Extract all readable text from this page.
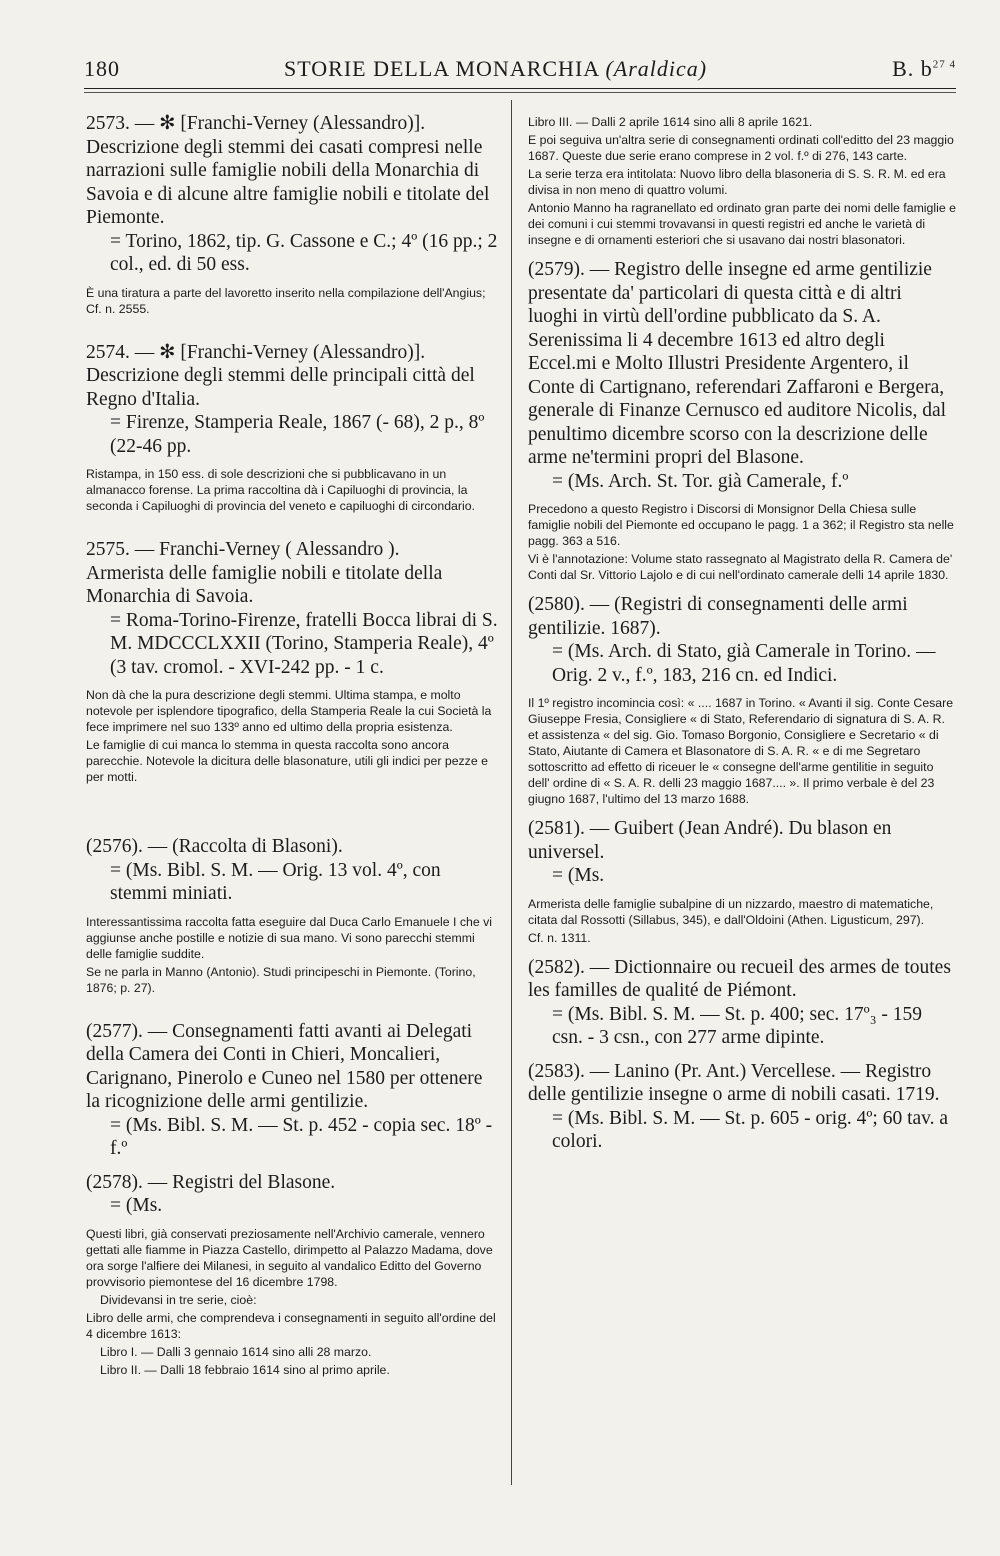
180	STORIE DELLA MONARCHIA (Araldica)	B. $b^{27 4}$

2573. — ✻ [Franchi-Verney (Alessandro)].

Descrizione degli stemmi dei casati compresi nelle narrazioni sulle famiglie nobili della Monarchia di Savoia e di alcune altre famiglie nobili e titolate del Piemonte.

= Torino, 1862, tip. G. Cassone e C.; 4º (16 pp.; 2 col., ed. di 50 ess.

È una tiratura a parte del lavoretto inserito nella compilazione dell'Angius; Cf. n. 2555.

2574. — ✻ [Franchi-Verney (Alessandro)].

Descrizione degli stemmi delle principali città del Regno d'Italia.

= Firenze, Stamperia Reale, 1867 (- 68), 2 p., 8º (22-46 pp.

Ristampa, in 150 ess. di sole descrizioni che si pubblicavano in un almanacco forense. La prima raccoltina dà i Capiluoghi di provincia, la seconda i Capiluoghi di provincia del veneto e capiluoghi di circondario.

2575. — Franchi-Verney ( Alessandro ).

Armerista delle famiglie nobili e titolate della Monarchia di Savoia.

= Roma-Torino-Firenze, fratelli Bocca librai di S. M. MDCCCLXXII (Torino, Stamperia Reale), 4º (3 tav. cromol. - XVI-242 pp. - 1 c.

Non dà che la pura descrizione degli stemmi. Ultima stampa, e molto notevole per isplendore tipografico, della Stamperia Reale la cui Società la fece imprimere nel suo 133º anno ed ultimo della propria esistenza.

Le famiglie di cui manca lo stemma in questa raccolta sono ancora parecchie. Notevole la dicitura delle blasonature, utili gli indici per pezze e per motti.

(2576). — (Raccolta di Blasoni).

= (Ms. Bibl. S. M. — Orig. 13 vol. 4º, con stemmi miniati.

Interessantissima raccolta fatta eseguire dal Duca Carlo Emanuele I che vi aggiunse anche postille e notizie di sua mano. Vi sono parecchi stemmi delle famiglie suddite.

Se ne parla in Manno (Antonio). Studi principeschi in Piemonte. (Torino, 1876; p. 27).

(2577). — Consegnamenti fatti avanti ai Delegati della Camera dei Conti in Chieri, Moncalieri, Carignano, Pinerolo e Cuneo nel 1580 per ottenere la ricognizione delle armi gentilizie.

= (Ms. Bibl. S. M. — St. p. 452 - copia sec. 18º - f.º

(2578). — Registri del Blasone.

= (Ms.

Questi libri, già conservati preziosamente nell'Archivio camerale, vennero gettati alle fiamme in Piazza Castello, dirimpetto al Palazzo Madama, dove ora sorge l'alfiere dei Milanesi, in seguito al vandalico Editto del Governo provvisorio piemontese del 16 dicembre 1798.

Dividevansi in tre serie, cioè:

Libro delle armi, che comprendeva i consegnamenti in seguito all'ordine del 4 dicembre 1613:

Libro I. — Dalli 3 gennaio 1614 sino alli 28 marzo.

Libro II. — Dalli 18 febbraio 1614 sino al primo aprile.

Libro III. — Dalli 2 aprile 1614 sino alli 8 aprile 1621.

E poi seguiva un'altra serie di consegnamenti ordinati coll'editto del 23 maggio 1687. Queste due serie erano comprese in 2 vol. f.º di 276, 143 carte.

La serie terza era intitolata: Nuovo libro della blasoneria di S. S. R. M. ed era divisa in non meno di quattro volumi.

Antonio Manno ha ragranellato ed ordinato gran parte dei nomi delle famiglie e dei comuni i cui stemmi trovavansi in questi registri ed anche le varietà di insegne e di ornamenti esteriori che si usavano dai nostri blasonatori.

(2579). — Registro delle insegne ed arme gentilizie presentate da' particolari di questa città e di altri luoghi in virtù dell'ordine pubblicato da S. A. Serenissima li 4 decembre 1613 ed altro degli Eccel.mi e Molto Illustri Presidente Argentero, il Conte di Cartignano, referendari Zaffaroni e Bergera, generale di Finanze Cernusco ed auditore Nicolis, dal penultimo dicembre scorso con la descrizione delle arme ne'termini propri del Blasone.

= (Ms. Arch. St. Tor. già Camerale, f.º

Precedono a questo Registro i Discorsi di Monsignor Della Chiesa sulle famiglie nobili del Piemonte ed occupano le pagg. 1 a 362; il Registro sta nelle pagg. 363 a 516.

Vi è l'annotazione: Volume stato rassegnato al Magistrato della R. Camera de' Conti dal Sr. Vittorio Lajolo e di cui nell'ordinato camerale delli 14 aprile 1830.

(2580). — (Registri di consegnamenti delle armi gentilizie. 1687).

= (Ms. Arch. di Stato, già Camerale in Torino. — Orig. 2 v., f.º, 183, 216 cn. ed Indici.

Il 1º registro incomincia così: « .... 1687 in Torino. « Avanti il sig. Conte Cesare Giuseppe Fresia, Consigliere « di Stato, Referendario di signatura di S. A. R. et assistenza « del sig. Gio. Tomaso Borgonio, Consigliere e Secretario « di Stato, Aiutante di Camera et Blasonatore di S. A. R. « e di me Segretaro sottoscritto ad effetto di riceuer le « consegne dell'arme gentilitie in seguito dell' ordine di « S. A. R. delli 23 maggio 1687.... ». Il primo verbale è del 23 giugno 1687, l'ultimo del 13 marzo 1688.

(2581). — Guibert (Jean André). Du blason en universel.

= (Ms.

Armerista delle famiglie subalpine di un nizzardo, maestro di matematiche, citata dal Rossotti (Sillabus, 345), e dall'Oldoini (Athen. Ligusticum, 297).

Cf. n. 1311.

(2582). — Dictionnaire ou recueil des armes de toutes les familles de qualité de Piémont.

= (Ms. Bibl. S. M. — St. p. 400; sec. 17º₃ - 159 csn. - 3 csn., con 277 arme dipinte.

(2583). — Lanino (Pr. Ant.) Vercellese. — Registro delle gentilizie insegne o arme di nobili casati. 1719.

= (Ms. Bibl. S. M. — St. p. 605 - orig. 4º; 60 tav. a colori.
